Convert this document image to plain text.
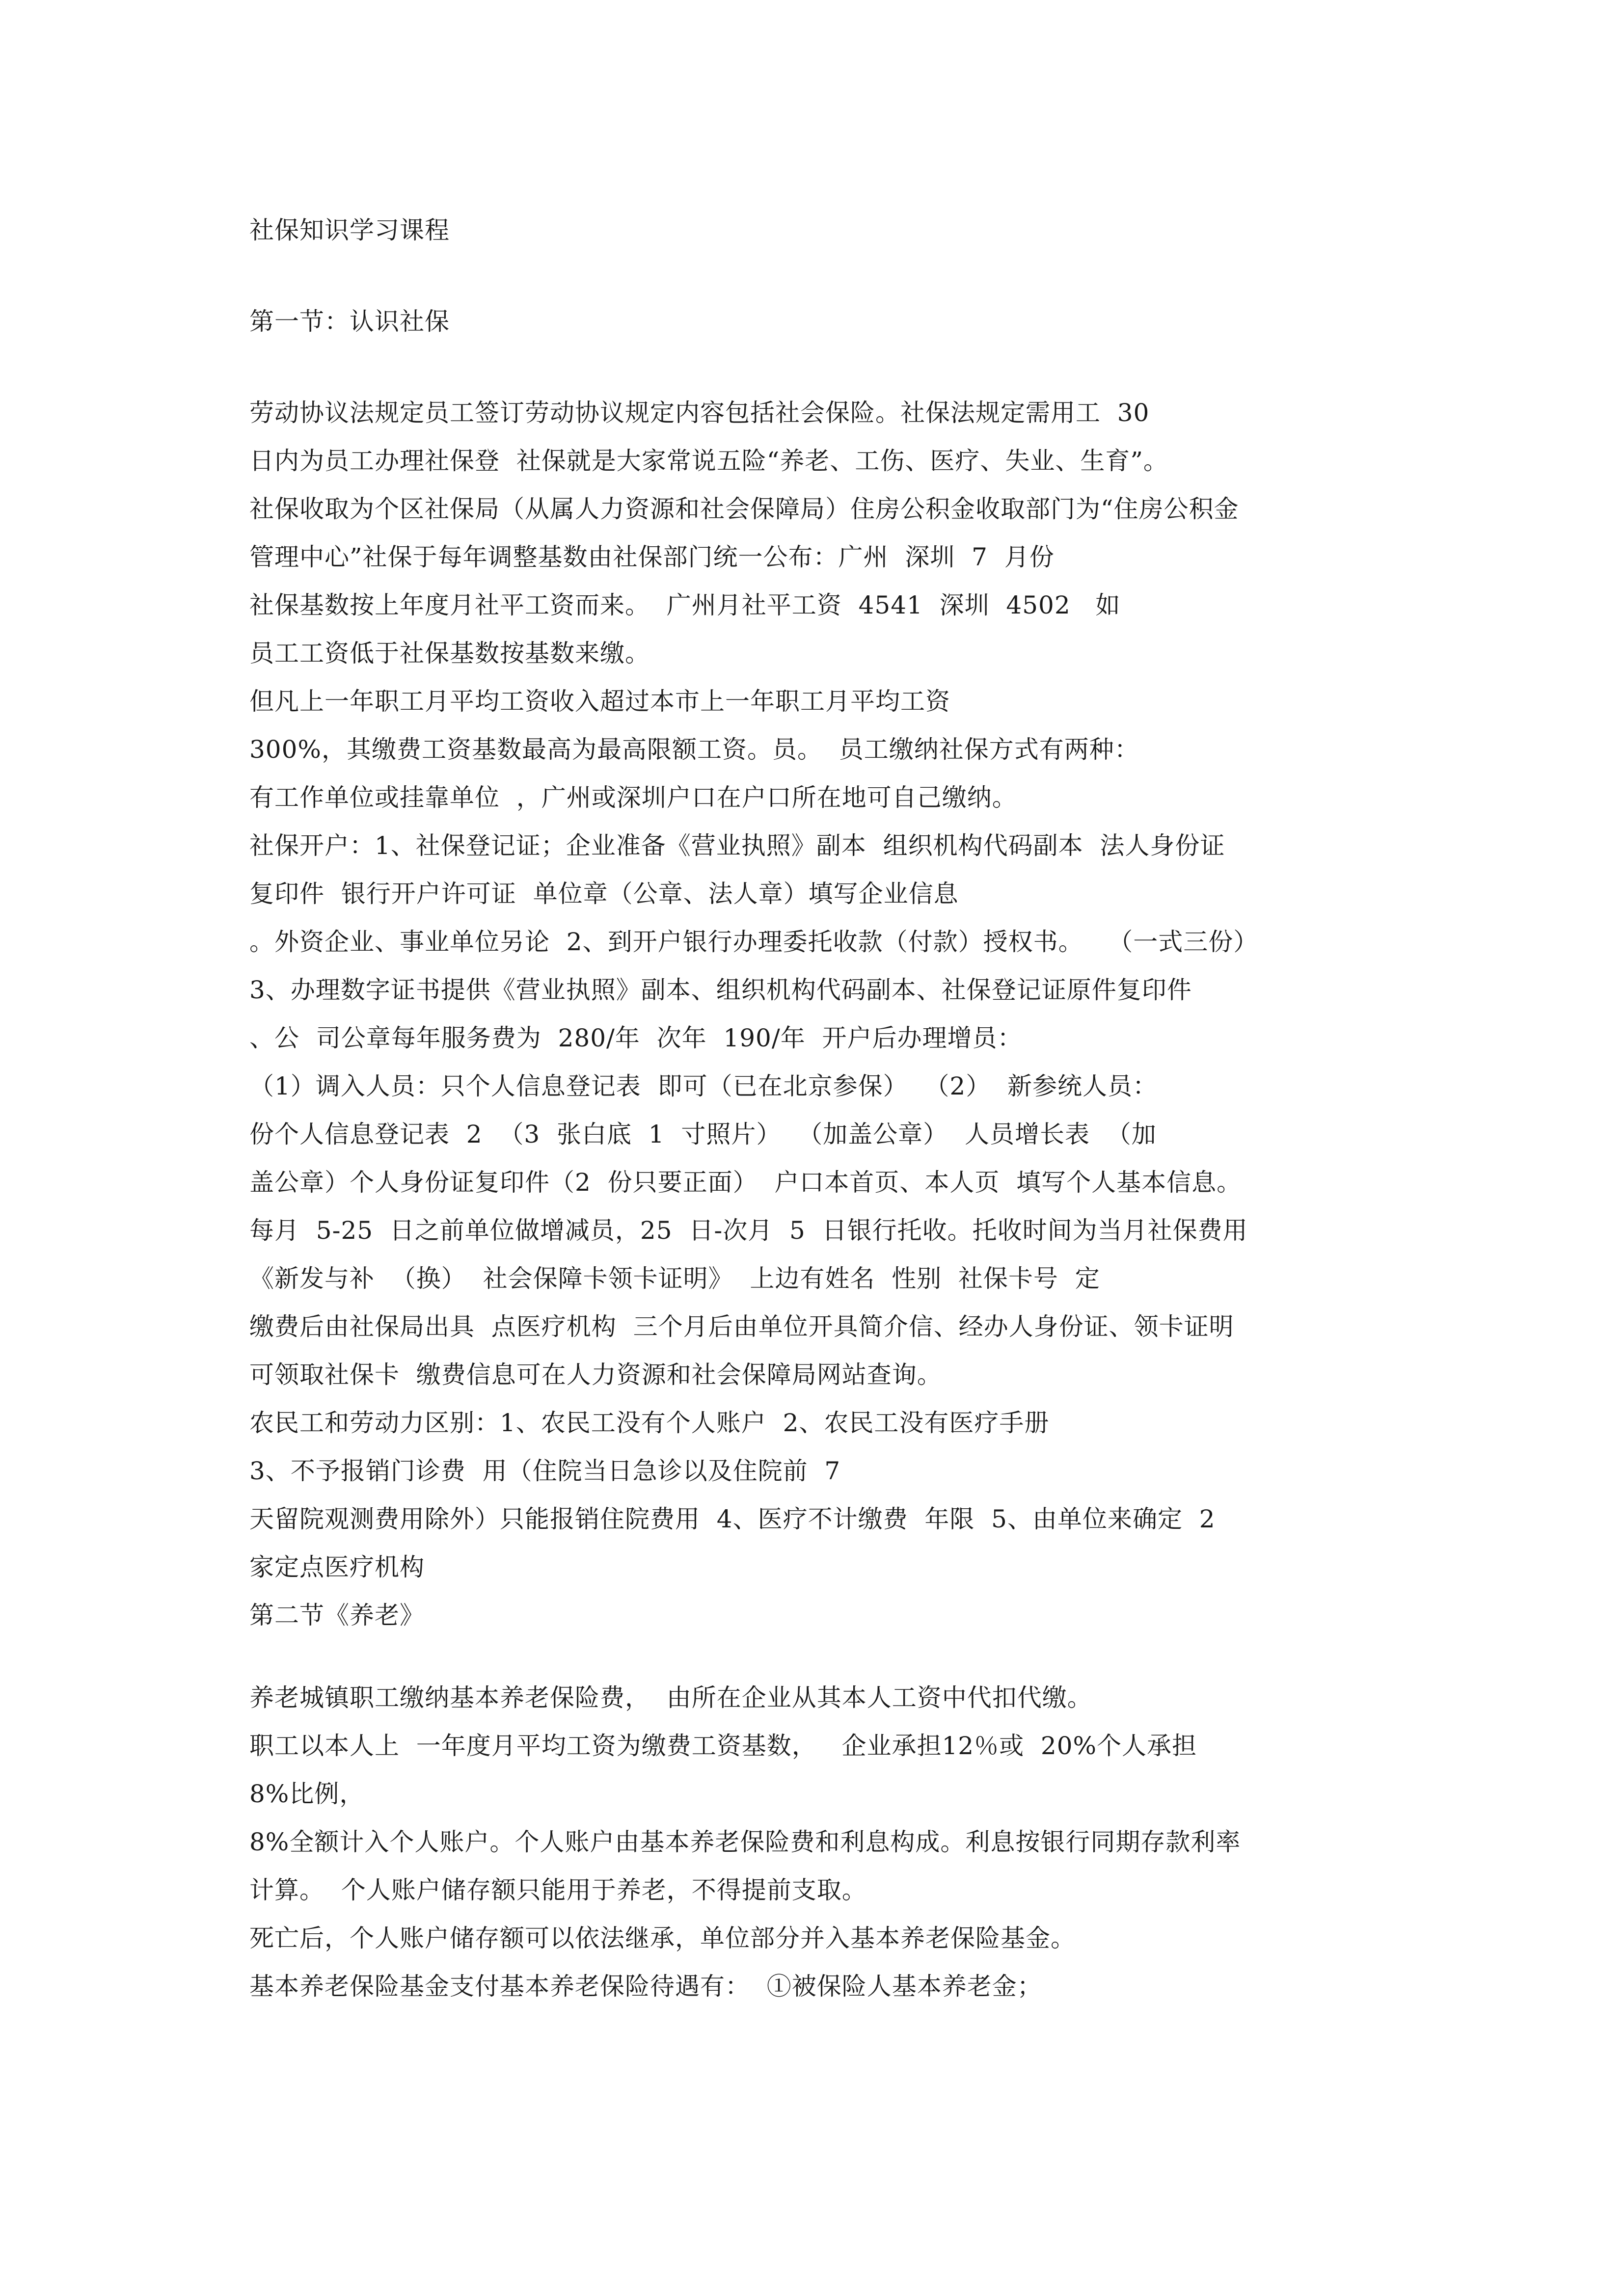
社保知识学习课程
第一节：认识社保
劳动协议法规定员工签订劳动协议规定内容包括社会保险。社保法规定需用工  30
日内为员工办理社保登  社保就是大家常说五险“养老、工伤、医疗、失业、生育”。
社保收取为个区社保局（从属人力资源和社会保障局）住房公积金收取部门为“住房公积金
管理中心”社保于每年调整基数由社保部门统一公布：广州  深圳  7  月份
社保基数按上年度月社平工资而来。  广州月社平工资  4541  深圳  4502   如
员工工资低于社保基数按基数来缴。
但凡上一年职工月平均工资收入超过本市上一年职工月平均工资
300%，其缴费工资基数最高为最高限额工资。员。  员工缴纳社保方式有两种：
有工作单位或挂靠单位  ，广州或深圳户口在户口所在地可自己缴纳。
社保开户：1、社保登记证；企业准备《营业执照》副本  组织机构代码副本  法人身份证
复印件  银行开户许可证  单位章（公章、法人章）填写企业信息
。外资企业、事业单位另论  2、到开户银行办理委托收款（付款）授权书。   （一式三份）
3、办理数字证书提供《营业执照》副本、组织机构代码副本、社保登记证原件复印件
、公  司公章每年服务费为  280/年  次年  190/年  开户后办理增员：
（1）调入人员：只个人信息登记表  即可（已在北京参保）  （2）  新参统人员：
份个人信息登记表  2  （3  张白底  1  寸照片）  （加盖公章）  人员增长表  （加
盖公章）个人身份证复印件（2  份只要正面）  户口本首页、本人页  填写个人基本信息。
每月  5-25  日之前单位做增减员，25  日-次月  5  日银行托收。托收时间为当月社保费用
《新发与补  （换）  社会保障卡领卡证明》  上边有姓名  性别  社保卡号  定
缴费后由社保局出具  点医疗机构  三个月后由单位开具简介信、经办人身份证、领卡证明
可领取社保卡  缴费信息可在人力资源和社会保障局网站查询。
农民工和劳动力区别：1、农民工没有个人账户  2、农民工没有医疗手册
3、不予报销门诊费  用（住院当日急诊以及住院前  7
天留院观测费用除外）只能报销住院费用  4、医疗不计缴费  年限  5、由单位来确定  2
家定点医疗机构
第二节《养老》
养老城镇职工缴纳基本养老保险费，  由所在企业从其本人工资中代扣代缴。
职工以本人上  一年度月平均工资为缴费工资基数，   企业承担12％或  20%个人承担
8%比例，
8%全额计入个人账户。个人账户由基本养老保险费和利息构成。利息按银行同期存款利率
计算。  个人账户储存额只能用于养老，不得提前支取。
死亡后，个人账户储存额可以依法继承，单位部分并入基本养老保险基金。
基本养老保险基金支付基本养老保险待遇有：  ①被保险人基本养老金；
